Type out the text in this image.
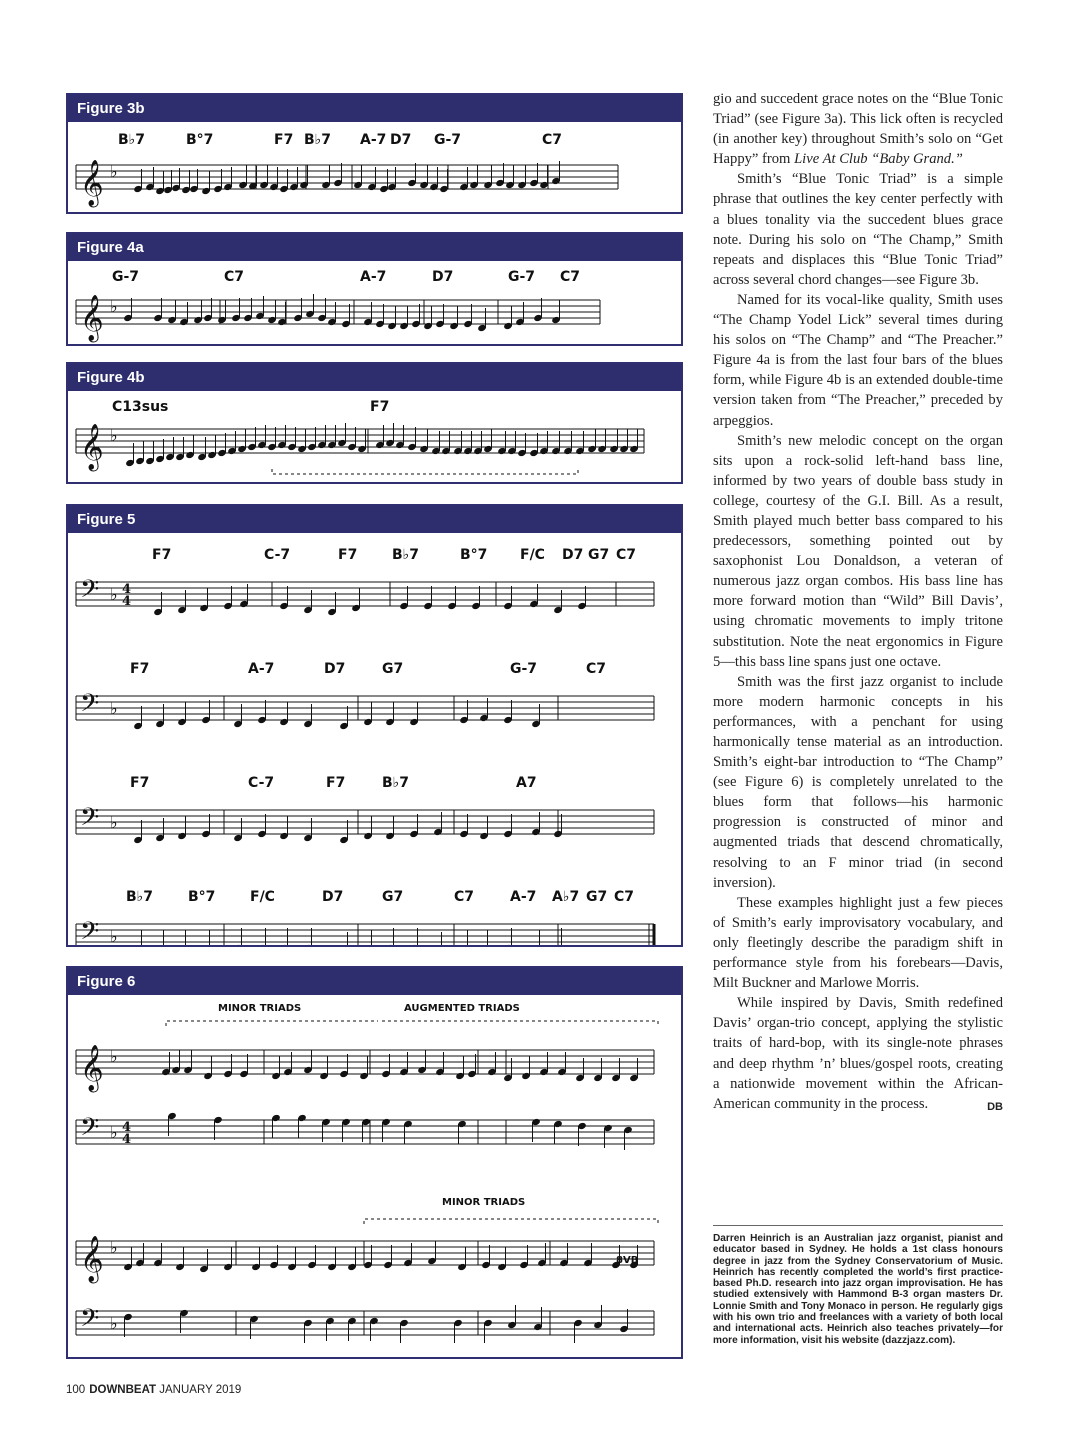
Figure 3b
B♭7	B°7	F7 B♭7 A-7 D7 G-7	C7
𝄞 ♭
Figure 4a
G-7	C7	A-7	D7	G-7 C7
𝄞 ♭
Figure 4b
C13sus	F7
𝄞 ♭
Figure 5
F7	C-7	F7 B♭7	B°7 F/C D7 G7 C7
𝄢 ♭ 4
4
F7	A-7	D7	G7	G-7	C7
𝄢 ♭
F7	C-7	F7	B♭7	A7
𝄢 ♭
B♭7 B°7 F/C	D7	G7	C7	A-7 A♭7 G7 C7
𝄢 ♭
Figure 6
MINOR TRIADS	AUGMENTED TRIADS
𝄞 ♭
𝄢 ♭ 4
4
MINOR TRIADS
𝄞 ♭
𝄢 ♭
8VB

gio and succedent grace notes on the “Blue Tonic Triad” (see Figure 3a). This lick often is recycled (in another key) throughout Smith’s solo on “Get Happy” from Live At Club “Baby Grand.”

Smith’s “Blue Tonic Triad” is a simple phrase that outlines the key center perfectly with a blues tonality via the succedent blues grace note. During his solo on “The Champ,” Smith repeats and displaces this “Blue Tonic Triad” across several chord changes—see Figure 3b.

Named for its vocal-like quality, Smith uses “The Champ Yodel Lick” several times during his solos on “The Champ” and “The Preacher.” Figure 4a is from the last four bars of the blues form, while Figure 4b is an extended double-time version taken from “The Preacher,” preceded by arpeggios.

Smith’s new melodic concept on the organ sits upon a rock-solid left-hand bass line, informed by two years of double bass study in college, courtesy of the G.I. Bill. As a result, Smith played much better bass compared to his predecessors, something pointed out by saxophonist Lou Donaldson, a veteran of numerous jazz organ combos. His bass line has more forward motion than “Wild” Bill Davis’, using chromatic movements to imply tritone substitution. Note the neat ergonomics in Figure 5—this bass line spans just one octave.

Smith was the first jazz organist to include more modern harmonic concepts in his performances, with a penchant for using harmonically tense material as an introduction. Smith’s eight-bar introduction to “The Champ” (see Figure 6) is completely unrelated to the blues form that follows—his harmonic progression is constructed of minor and augmented triads that descend chromatically, resolving to an F minor triad (in second inversion).

These examples highlight just a few pieces of Smith’s early improvisatory vocabulary, and only fleetingly describe the paradigm shift in performance style from his forebears—Davis, Milt Buckner and Marlowe Morris.

While inspired by Davis, Smith redefined Davis’ organ-trio concept, applying the stylistic traits of hard-bop, with its single-note phrases and deep rhythm ’n’ blues/gospel roots, creating a nationwide movement within the African-American community in the process.	DB

Darren Heinrich is an Australian jazz organist, pianist and educator based in Sydney. He holds a 1st class honours degree in jazz from the Sydney Conservatorium of Music. Heinrich has recently completed the world’s first practice-based Ph.D. research into jazz organ improvisation. He has studied extensively with Hammond B-3 organ masters Dr. Lonnie Smith and Tony Monaco in person. He regularly gigs with his own trio and freelances with a variety of both local and international acts. Heinrich also teaches privately—for more information, visit his website (dazzjazz.com).
100 DOWNBEAT JANUARY 2019
